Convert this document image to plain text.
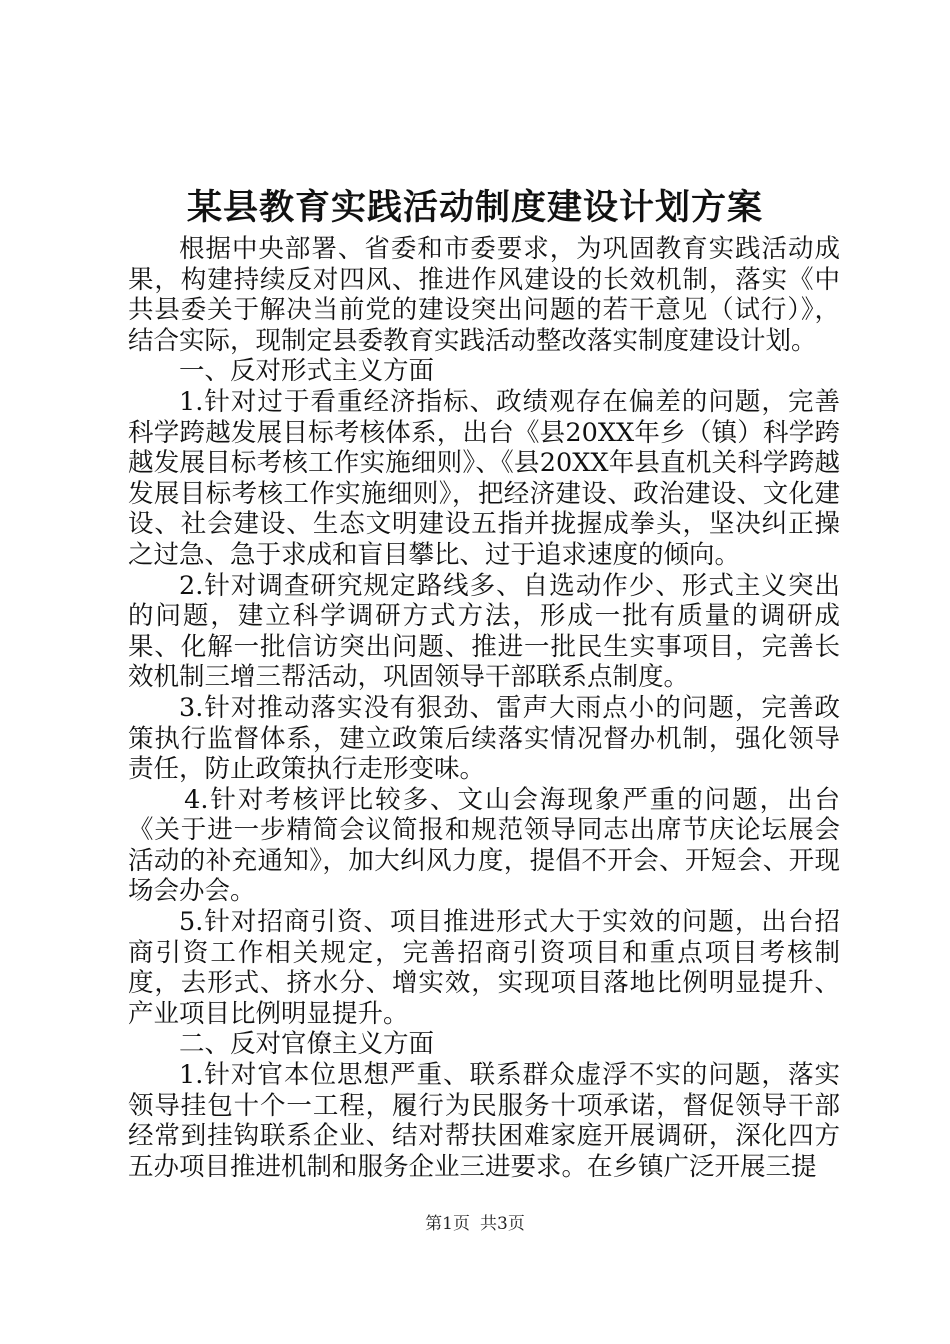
某县教育实践活动制度建设计划方案

根据中央部署、省委和市委要求，为巩固教育实践活动成果，构建持续反对四风、推进作风建设的长效机制，落实《中共县委关于解决当前党的建设突出问题的若干意见（试行）》，结合实际，现制定县委教育实践活动整改落实制度建设计划。

一、反对形式主义方面

1.针对过于看重经济指标、政绩观存在偏差的问题，完善科学跨越发展目标考核体系，出台《县20XX年乡（镇）科学跨越发展目标考核工作实施细则》、《县20XX年县直机关科学跨越发展目标考核工作实施细则》，把经济建设、政治建设、文化建设、社会建设、生态文明建设五指并拢握成拳头，坚决纠正操之过急、急于求成和盲目攀比、过于追求速度的倾向。

2.针对调查研究规定路线多、自选动作少、形式主义突出的问题，建立科学调研方式方法，形成一批有质量的调研成果、化解一批信访突出问题、推进一批民生实事项目，完善长效机制三增三帮活动，巩固领导干部联系点制度。

3.针对推动落实没有狠劲、雷声大雨点小的问题，完善政策执行监督体系，建立政策后续落实情况督办机制，强化领导责任，防止政策执行走形变味。

4.针对考核评比较多、文山会海现象严重的问题，出台《关于进一步精简会议简报和规范领导同志出席节庆论坛展会活动的补充通知》，加大纠风力度，提倡不开会、开短会、开现场会办会。

5.针对招商引资、项目推进形式大于实效的问题，出台招商引资工作相关规定，完善招商引资项目和重点项目考核制度，去形式、挤水分、增实效，实现项目落地比例明显提升、产业项目比例明显提升。

二、反对官僚主义方面

1.针对官本位思想严重、联系群众虚浮不实的问题，落实领导挂包十个一工程，履行为民服务十项承诺，督促领导干部经常到挂钩联系企业、结对帮扶困难家庭开展调研，深化四方五办项目推进机制和服务企业三进要求。在乡镇广泛开展三提

第1页 共3页
